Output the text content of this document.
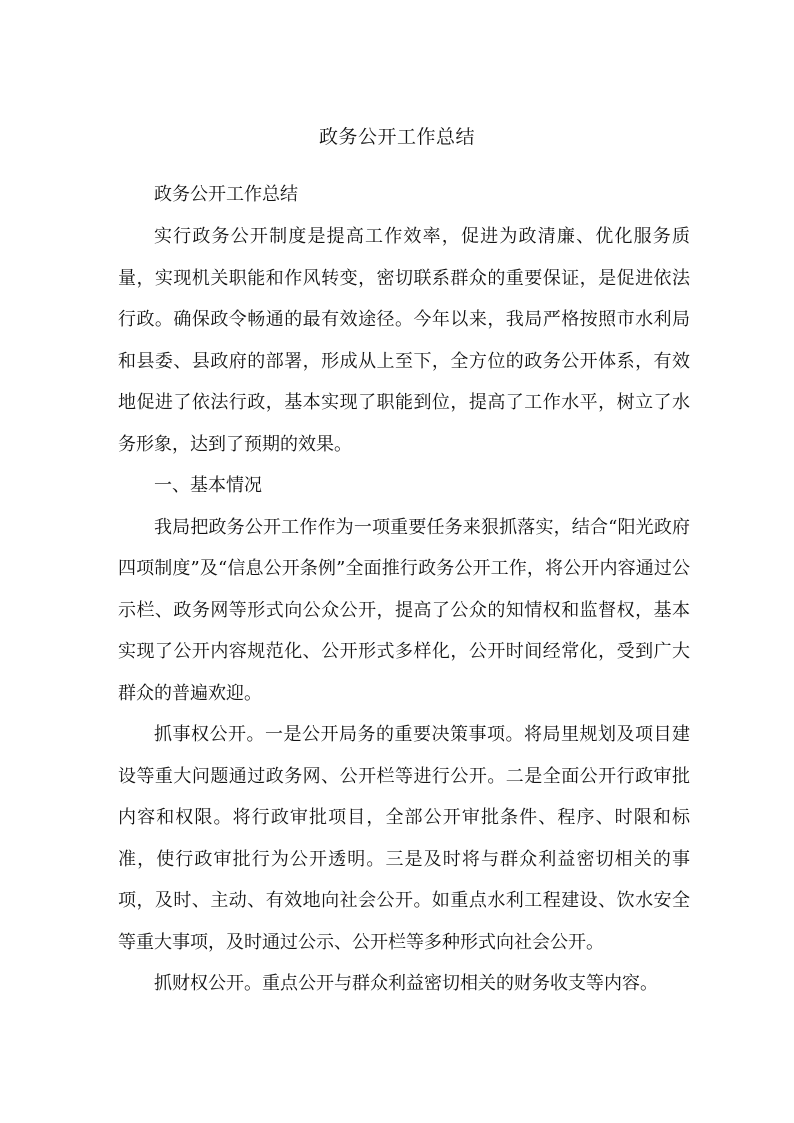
政务公开工作总结

政务公开工作总结

实行政务公开制度是提高工作效率，促进为政清廉、优化服务质量，实现机关职能和作风转变，密切联系群众的重要保证，是促进依法行政。确保政令畅通的最有效途径。今年以来，我局严格按照市水利局和县委、县政府的部署，形成从上至下，全方位的政务公开体系，有效地促进了依法行政，基本实现了职能到位，提高了工作水平，树立了水务形象，达到了预期的效果。

一、基本情况

我局把政务公开工作作为一项重要任务来狠抓落实，结合“阳光政府四项制度”及“信息公开条例”全面推行政务公开工作，将公开内容通过公示栏、政务网等形式向公众公开，提高了公众的知情权和监督权，基本实现了公开内容规范化、公开形式多样化，公开时间经常化，受到广大群众的普遍欢迎。

抓事权公开。一是公开局务的重要决策事项。将局里规划及项目建设等重大问题通过政务网、公开栏等进行公开。二是全面公开行政审批内容和权限。将行政审批项目，全部公开审批条件、程序、时限和标准，使行政审批行为公开透明。三是及时将与群众利益密切相关的事项，及时、主动、有效地向社会公开。如重点水利工程建设、饮水安全等重大事项，及时通过公示、公开栏等多种形式向社会公开。

抓财权公开。重点公开与群众利益密切相关的财务收支等内容。
